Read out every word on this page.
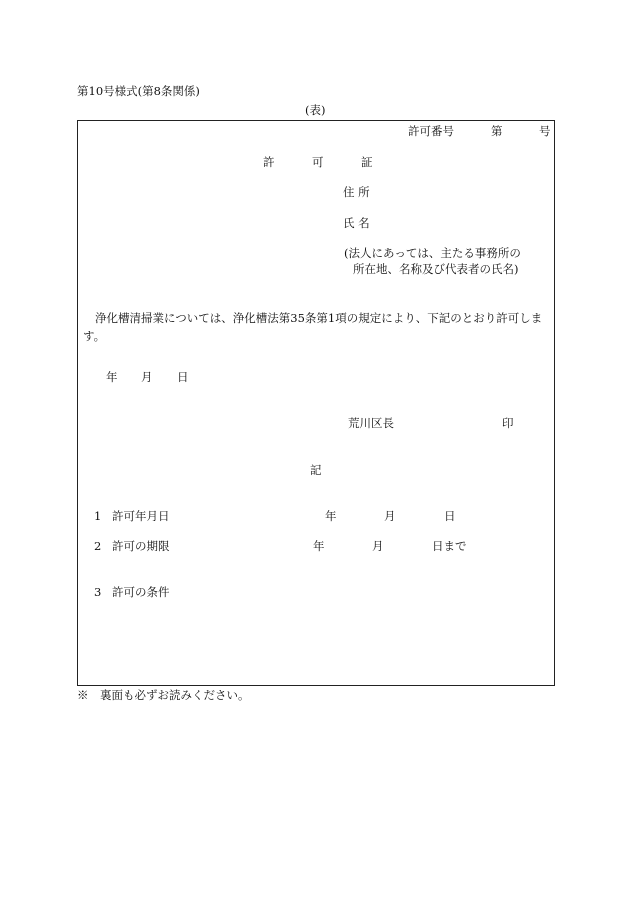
第10号様式(第8条関係)
(表)
許可番号	第	号
許	可	証
住 所
氏 名
(法人にあっては、主たる事務所の
所在地、名称及び代表者の氏名)
浄化槽清掃業については、浄化槽法第35条第1項の規定により、下記のとおり許可します。
年 月 日
荒川区長	印
記
1 許可年月日	年	月	日
2 許可の期限	年	月	日まで
3 許可の条件
※　裏面も必ずお読みください。
